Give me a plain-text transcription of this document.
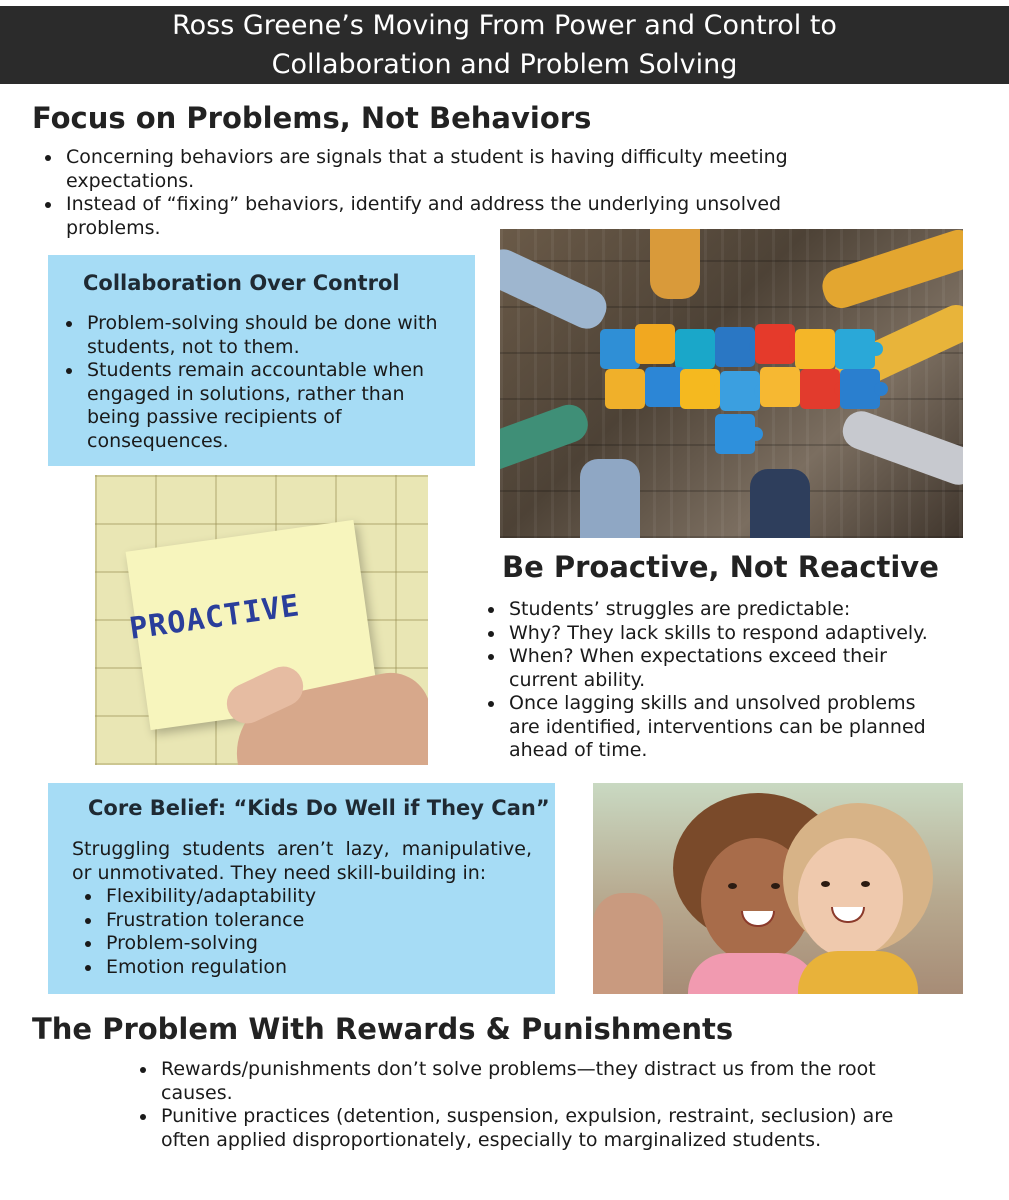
Ross Greene’s Moving From Power and Control to
Collaboration and Problem Solving
Focus on Problems, Not Behaviors
Concerning behaviors are signals that a student is having difficulty meeting expectations.
Instead of “fixing” behaviors, identify and address the underlying unsolved problems.
Collaboration Over Control
Problem-solving should be done with students, not to them.
Students remain accountable when engaged in solutions, rather than being passive recipients of consequences.
PROACTIVE
Be Proactive, Not Reactive
Students’ struggles are predictable:
Why? They lack skills to respond adaptively.
When? When expectations exceed their current ability.
Once lagging skills and unsolved problems are identified, interventions can be planned ahead of time.
Core Belief: “Kids Do Well if They Can”

Struggling students aren’t lazy, manipulative, or unmotivated. They need skill-building in:

Flexibility/adaptability
Frustration tolerance
Problem-solving
Emotion regulation
The Problem With Rewards & Punishments
Rewards/punishments don’t solve problems—they distract us from the root causes.
Punitive practices (detention, suspension, expulsion, restraint, seclusion) are often applied disproportionately, especially to marginalized students.
